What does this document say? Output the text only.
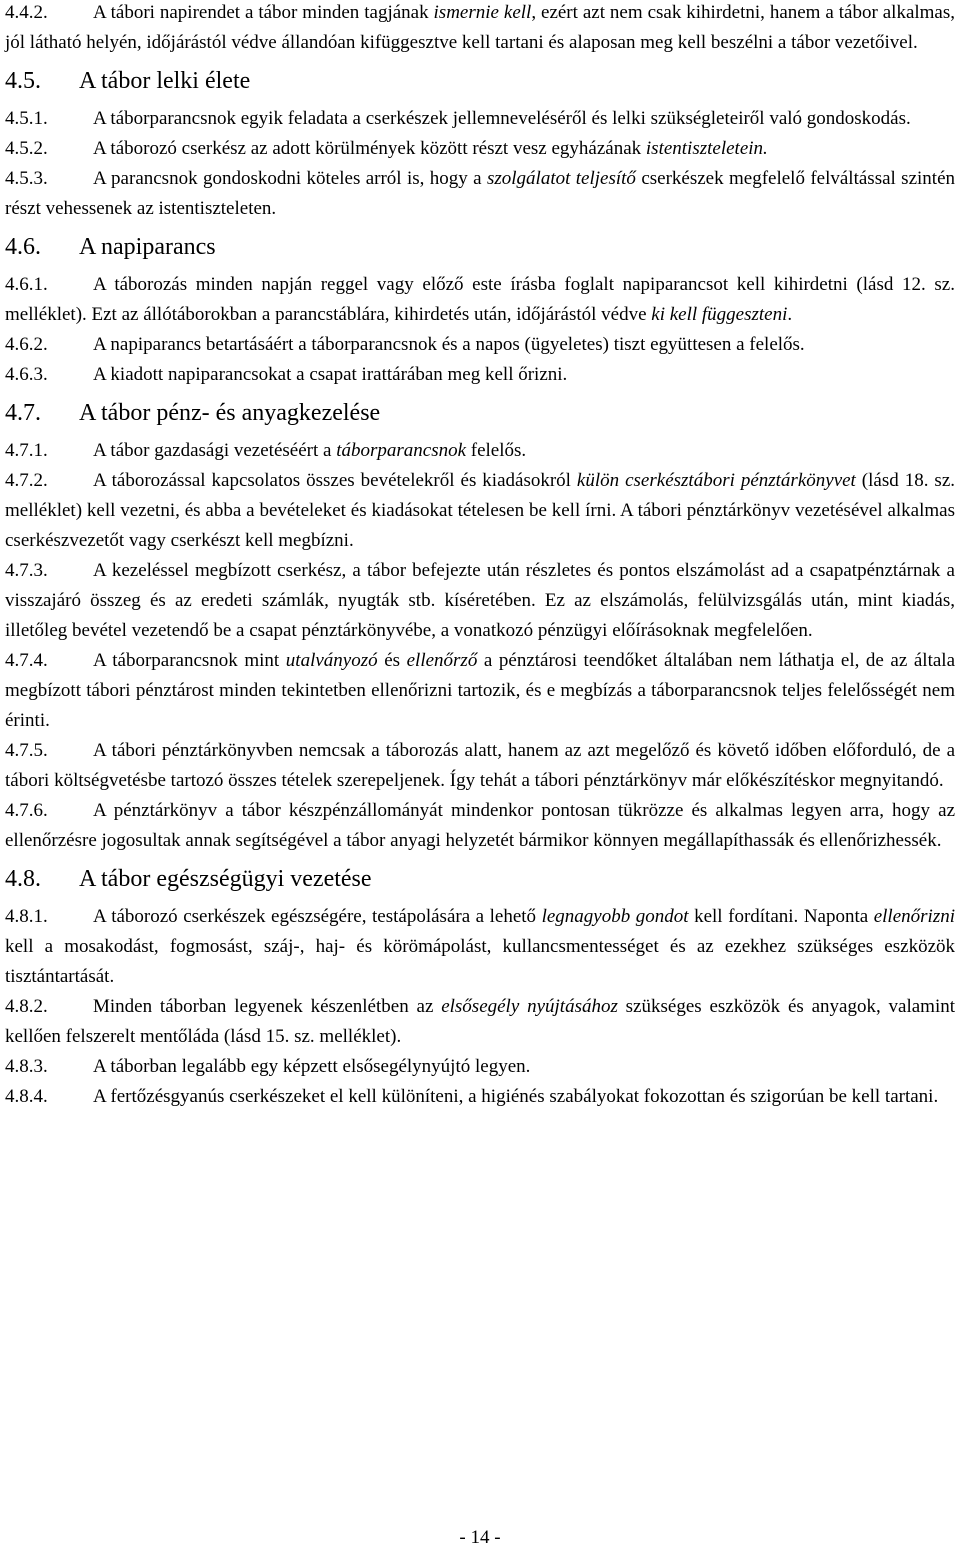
4.4.2. A tábori napirendet a tábor minden tagjának ismernie kell, ezért azt nem csak kihirdetni, hanem a tábor alkalmas, jól látható helyén, időjárástól védve állandóan kifüggesztve kell tartani és alaposan meg kell beszélni a tábor vezetőivel.

4.5. A tábor lelki élete

4.5.1. A táborparancsnok egyik feladata a cserkészek jellemneveléséről és lelki szükségleteiről való gondoskodás.

4.5.2. A táborozó cserkész az adott körülmények között részt vesz egyházának istentiszteletein.

4.5.3. A parancsnok gondoskodni köteles arról is, hogy a szolgálatot teljesítő cserkészek megfelelő felváltással szintén részt vehessenek az istentiszteleten.

4.6. A napiparancs

4.6.1. A táborozás minden napján reggel vagy előző este írásba foglalt napiparancsot kell kihirdetni (lásd 12. sz. melléklet). Ezt az állótáborokban a parancstáblára, kihirdetés után, időjárástól védve ki kell függeszteni.

4.6.2. A napiparancs betartásáért a táborparancsnok és a napos (ügyeletes) tiszt együttesen a felelős.

4.6.3. A kiadott napiparancsokat a csapat irattárában meg kell őrizni.

4.7. A tábor pénz- és anyagkezelése

4.7.1. A tábor gazdasági vezetéséért a táborparancsnok felelős.

4.7.2. A táborozással kapcsolatos összes bevételekről és kiadásokról külön cserkésztábori pénztárkönyvet (lásd 18. sz. melléklet) kell vezetni, és abba a bevételeket és kiadásokat tételesen be kell írni. A tábori pénztárkönyv vezetésével alkalmas cserkészvezetőt vagy cserkészt kell megbízni.

4.7.3. A kezeléssel megbízott cserkész, a tábor befejezte után részletes és pontos elszámolást ad a csapatpénztárnak a visszajáró összeg és az eredeti számlák, nyugták stb. kíséretében. Ez az elszámolás, felülvizsgálás után, mint kiadás, illetőleg bevétel vezetendő be a csapat pénztárkönyvébe, a vonatkozó pénzügyi előírásoknak megfelelően.

4.7.4. A táborparancsnok mint utalványozó és ellenőrző a pénztárosi teendőket általában nem láthatja el, de az általa megbízott tábori pénztárost minden tekintetben ellenőrizni tartozik, és e megbízás a táborparancsnok teljes felelősségét nem érinti.

4.7.5. A tábori pénztárkönyvben nemcsak a táborozás alatt, hanem az azt megelőző és követő időben előforduló, de a tábori költségvetésbe tartozó összes tételek szerepeljenek. Így tehát a tábori pénztárkönyv már előkészítéskor megnyitandó.

4.7.6. A pénztárkönyv a tábor készpénzállományát mindenkor pontosan tükrözze és alkalmas legyen arra, hogy az ellenőrzésre jogosultak annak segítségével a tábor anyagi helyzetét bármikor könnyen megállapíthassák és ellenőrizhessék.

4.8. A tábor egészségügyi vezetése

4.8.1. A táborozó cserkészek egészségére, testápolására a lehető legnagyobb gondot kell fordítani. Naponta ellenőrizni kell a mosakodást, fogmosást, száj-, haj- és körömápolást, kullancsmentességet és az ezekhez szükséges eszközök tisztántartását.

4.8.2. Minden táborban legyenek készenlétben az elsősegély nyújtásához szükséges eszközök és anyagok, valamint kellően felszerelt mentőláda (lásd 15. sz. melléklet).

4.8.3. A táborban legalább egy képzett elsősegélynyújtó legyen.

4.8.4. A fertőzésgyanús cserkészeket el kell különíteni, a higiénés szabályokat fokozottan és szigorúan be kell tartani.

- 14 -
